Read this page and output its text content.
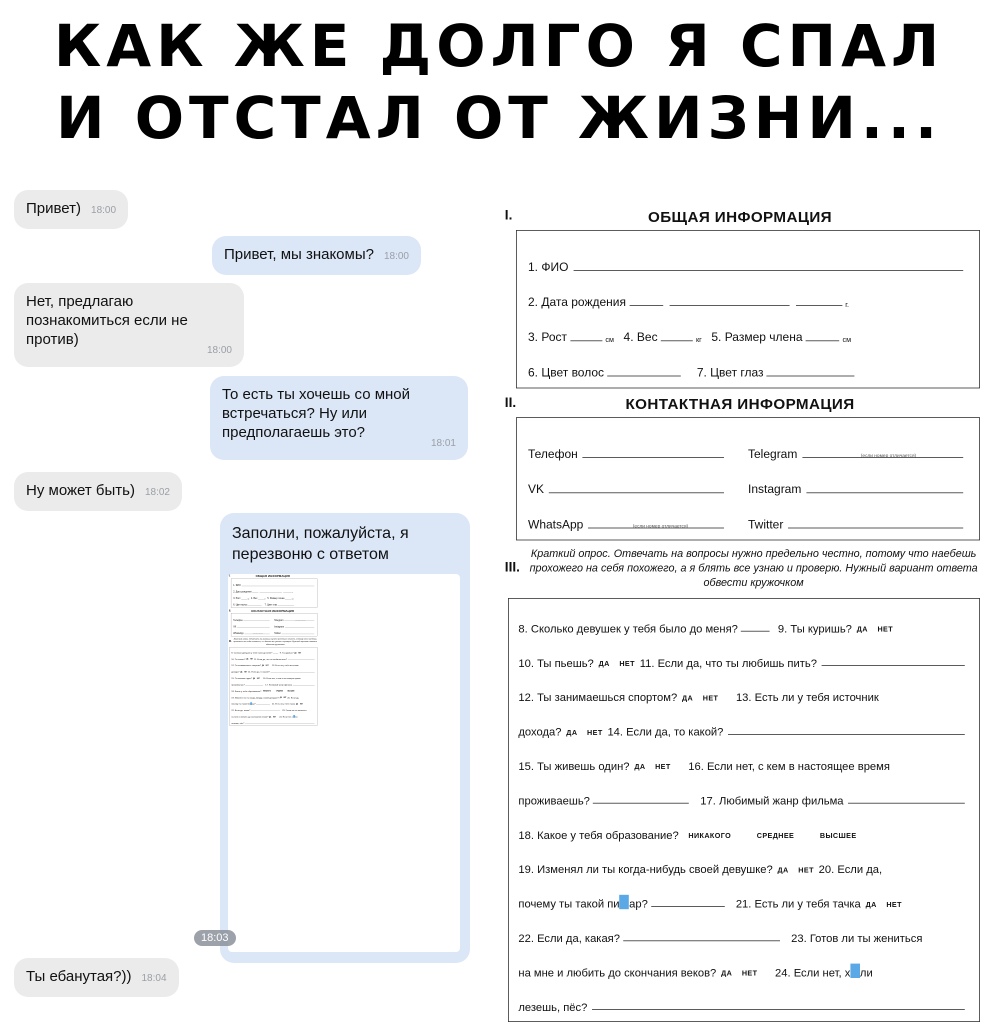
КАК ЖЕ ДОЛГО Я СПАЛ
И ОТСТАЛ ОТ ЖИЗНИ...
Привет) 18:00
Привет, мы знакомы? 18:00
Нет, предлагаю познакомиться если не против)
18:00
То есть ты хочешь со мной встречаться? Ну или предполагаешь это?
18:01
Ну может быть) 18:02
Заполни, пожалуйста, я перезвоню с ответом
Ты ебанутая?)) 18:04
I.	ОБЩАЯ ИНФОРМАЦИЯ
1. ФИО
2. Дата рождения	г.
3. Рост см 4. Вес кг 5. Размер члена см
6. Цвет волос 7. Цвет глаз
II.	КОНТАКТНАЯ ИНФОРМАЦИЯ
Телефон Telegram
VK	Instagram
WhatsApp Twitter
(если номер отличается)
(если номер отличается)
III.
Краткий опрос. Отвечать на вопросы нужно предельно честно, потому что наебешь прохожего на себя похожего, а я блять все узнаю и проверю. Нужный вариант ответа обвести кружочком
8. Сколько девушек у тебя было до меня? 9. Ты куришь? ДА НЕТ
10. Ты пьешь? ДА НЕТ 11. Если да, что ты любишь пить?
12. Ты занимаешься спортом? ДА НЕТ 13. Есть ли у тебя источник
дохода? ДА НЕТ 14. Если да, то какой?
15. Ты живешь один? ДА НЕТ 16. Если нет, с кем в настоящее время
проживаешь? 17. Любимый жанр фильма
18. Какое у тебя образование? НИКАКОГО СРЕДНЕЕ ВЫСШЕЕ
19. Изменял ли ты когда-нибудь своей девушке? ДА НЕТ 20. Если да,
почему ты такой пи ар? 21. Есть ли у тебя тачка ДА НЕТ
22. Если да, какая? 23. Готов ли ты жениться
на мне и любить до скончания веков? ДА НЕТ 24. Если нет, х ли
лезешь, пёс?
18:03
I.	ОБЩАЯ ИНФОРМАЦИЯ
1. ФИО
2. Дата рождения	г.
3. Рост	см 4. Вес	кг 5. Размер члена	см
6. Цвет волос	7. Цвет глаз
II.	КОНТАКТНАЯ ИНФОРМАЦИЯ
Телефон	Telegram
VK	Instagram
WhatsApp	Twitter
(если номер отличается)
(если номер отличается)
III.
Краткий опрос. Отвечать на вопросы нужно предельно честно, потому что наебешь прохожего на себя похожего, а я блять все узнаю и проверю. Нужный вариант ответа обвести кружочком
8. Сколько девушек у тебя было до меня?	9. Ты куришь? ДА НЕТ
10. Ты пьешь? ДА НЕТ 11. Если да, что ты любишь пить?
12. Ты занимаешься спортом? ДА НЕТ 13. Есть ли у тебя источник
дохода? ДА НЕТ 14. Если да, то какой?
15. Ты живешь один? ДА НЕТ 16. Если нет, с кем в настоящее время
проживаешь?	17. Любимый жанр фильма
18. Какое у тебя образование? НИКАКОГО	СРЕДНЕЕ	ВЫСШЕЕ
19. Изменял ли ты когда-нибудь своей девушке? ДА НЕТ 20. Если да,
почему ты такой пи ар?	21. Есть ли у тебя тачка ДА НЕТ
22. Если да, какая?	23. Готов ли ты жениться
на мне и любить до скончания веков? ДА НЕТ 24. Если нет, х ли
лезешь, пёс?
